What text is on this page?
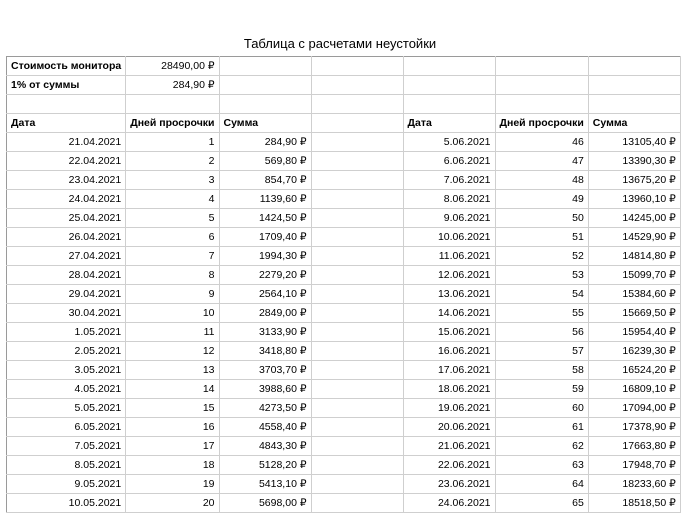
Таблица с расчетами неустойки
Стоимость монитора	28490,00 ₽					
1% от суммы	284,90 ₽					

Дата	Дней просрочки	Сумма		Дата	Дней просрочки	Сумма
21.04.2021	1	284,90 ₽		5.06.2021	46	13105,40 ₽
22.04.2021	2	569,80 ₽		6.06.2021	47	13390,30 ₽
23.04.2021	3	854,70 ₽		7.06.2021	48	13675,20 ₽
24.04.2021	4	1139,60 ₽		8.06.2021	49	13960,10 ₽
25.04.2021	5	1424,50 ₽		9.06.2021	50	14245,00 ₽
26.04.2021	6	1709,40 ₽		10.06.2021	51	14529,90 ₽
27.04.2021	7	1994,30 ₽		11.06.2021	52	14814,80 ₽
28.04.2021	8	2279,20 ₽		12.06.2021	53	15099,70 ₽
29.04.2021	9	2564,10 ₽		13.06.2021	54	15384,60 ₽
30.04.2021	10	2849,00 ₽		14.06.2021	55	15669,50 ₽
1.05.2021	11	3133,90 ₽		15.06.2021	56	15954,40 ₽
2.05.2021	12	3418,80 ₽		16.06.2021	57	16239,30 ₽
3.05.2021	13	3703,70 ₽		17.06.2021	58	16524,20 ₽
4.05.2021	14	3988,60 ₽		18.06.2021	59	16809,10 ₽
5.05.2021	15	4273,50 ₽		19.06.2021	60	17094,00 ₽
6.05.2021	16	4558,40 ₽		20.06.2021	61	17378,90 ₽
7.05.2021	17	4843,30 ₽		21.06.2021	62	17663,80 ₽
8.05.2021	18	5128,20 ₽		22.06.2021	63	17948,70 ₽
9.05.2021	19	5413,10 ₽		23.06.2021	64	18233,60 ₽
10.05.2021	20	5698,00 ₽		24.06.2021	65	18518,50 ₽
